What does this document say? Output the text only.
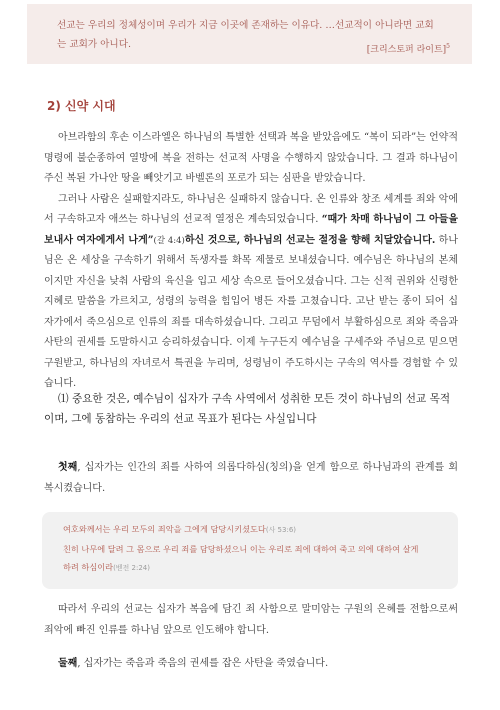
선교는 우리의 정체성이며 우리가 지금 이곳에 존재하는 이유다. …선교적이 아니라면 교회
는 교회가 아니다.	[크리스토퍼 라이트]$^5$
2) 신약 시대

아브라함의 후손 이스라엘은 하나님의 특별한 선택과 복을 받았음에도 “복이 되라”는 언약적 명령에 불순종하여 열방에 복을 전하는 선교적 사명을 수행하지 않았습니다. 그 결과 하나님이 주신 복된 가나안 땅을 빼앗기고 바벨론의 포로가 되는 심판을 받았습니다.

그러나 사람은 실패할지라도, 하나님은 실패하지 않습니다. 온 인류와 창조 세계를 죄와 악에서 구속하고자 애쓰는 하나님의 선교적 열정은 계속되었습니다. “때가 차매 하나님이 그 아들을 보내사 여자에게서 나게”(갈 4:4)하신 것으로, 하나님의 선교는 절정을 향해 치달았습니다. 하나님은 온 세상을 구속하기 위해서 독생자를 화목 제물로 보내셨습니다. 예수님은 하나님의 본체이지만 자신을 낮춰 사람의 육신을 입고 세상 속으로 들어오셨습니다. 그는 신적 권위와 신령한 지혜로 말씀을 가르치고, 성령의 능력을 힘입어 병든 자를 고쳤습니다. 고난 받는 종이 되어 십자가에서 죽으심으로 인류의 죄를 대속하셨습니다. 그리고 무덤에서 부활하심으로 죄와 죽음과 사탄의 권세를 도말하시고 승리하셨습니다. 이제 누구든지 예수님을 구세주와 주님으로 믿으면 구원받고, 하나님의 자녀로서 특권을 누리며, 성령님이 주도하시는 구속의 역사를 경험할 수 있습니다.

⑴ 중요한 것은, 예수님이 십자가 구속 사역에서 성취한 모든 것이 하나님의 선교 목적이며, 그에 동참하는 우리의 선교 목표가 된다는 사실입니다
첫째, 십자가는 인간의 죄를 사하여 의롭다하심(칭의)을 얻게 함으로 하나님과의 관계를 회복시켰습니다.
여호와께서는 우리 모두의 죄악을 그에게 담당시키셨도다(사 53:6)
친히 나무에 달려 그 몸으로 우리 죄를 담당하셨으니 이는 우리로 죄에 대하여 죽고 의에 대하여 살게
하려 하심이라(벧전 2:24)
따라서 우리의 선교는 십자가 복음에 담긴 죄 사함으로 말미암는 구원의 은혜를 전함으로써 죄악에 빠진 인류를 하나님 앞으로 인도해야 합니다.
둘째, 십자가는 죽음과 죽음의 권세를 잡은 사탄을 죽였습니다.
